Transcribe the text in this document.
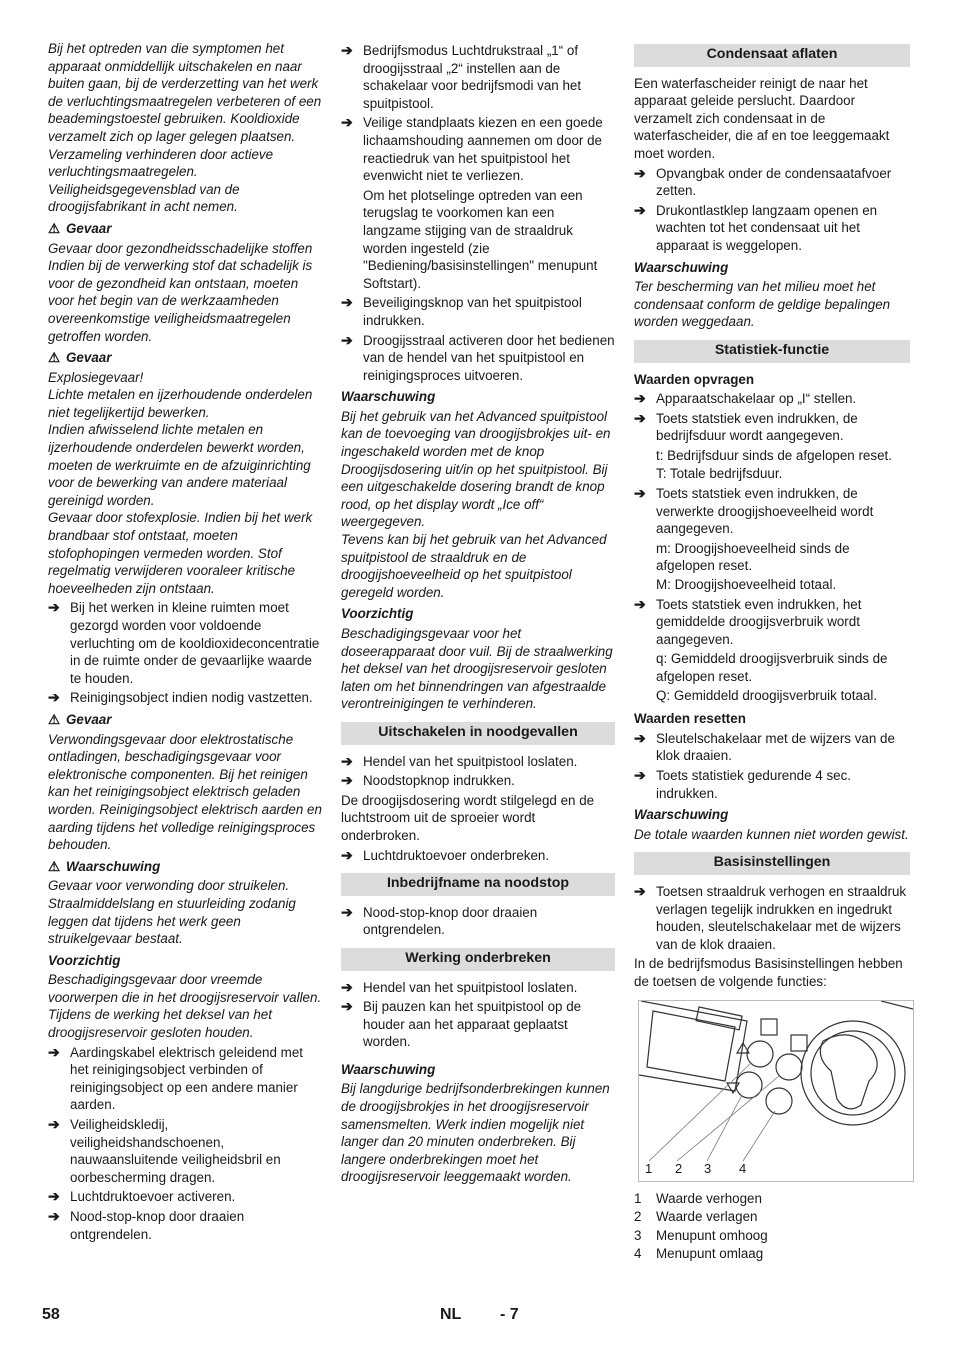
Bij het optreden van die symptomen het apparaat onmiddellijk uitschakelen en naar buiten gaan, bij de verderzetting van het werk de verluchtingsmaatregelen verbeteren of een beademingstoestel gebruiken. Kooldioxide verzamelt zich op lager gelegen plaatsen. Verzameling verhinderen door actieve verluchtingsmaatregelen. Veiligheidsgegevensblad van de droogijsfabrikant in acht nemen.

⚠ Gevaar

Gevaar door gezondheidsschadelijke stoffen Indien bij de verwerking stof dat schadelijk is voor de gezondheid kan ontstaan, moeten voor het begin van de werkzaamheden overeenkomstige veiligheidsmaatregelen getroffen worden.

⚠ Gevaar

Explosiegevaar!

Lichte metalen en ijzerhoudende onderdelen niet tegelijkertijd bewerken.

Indien afwisselend lichte metalen en ijzerhoudende onderdelen bewerkt worden, moeten de werkruimte en de afzuiginrichting voor de bewerking van andere materiaal gereinigd worden.

Gevaar door stofexplosie. Indien bij het werk brandbaar stof ontstaat, moeten stofophopingen vermeden worden. Stof regelmatig verwijderen vooraleer kritische hoeveelheden zijn ontstaan.

➔ Bij het werken in kleine ruimten moet gezorgd worden voor voldoende verluchting om de kooldioxideconcentratie in de ruimte onder de gevaarlijke waarde te houden.
➔ Reinigingsobject indien nodig vastzetten.
⚠ Gevaar

Verwondingsgevaar door elektrostatische ontladingen, beschadigingsgevaar voor elektronische componenten. Bij het reinigen kan het reinigingsobject elektrisch geladen worden. Reinigingsobject elektrisch aarden en aarding tijdens het volledige reinigingsproces behouden.

⚠ Waarschuwing

Gevaar voor verwonding door struikelen. Straalmiddelslang en stuurleiding zodanig leggen dat tijdens het werk geen struikelgevaar bestaat.

Voorzichtig

Beschadigingsgevaar door vreemde voorwerpen die in het droogijsreservoir vallen. Tijdens de werking het deksel van het droogijsreservoir gesloten houden.

➔ Aardingskabel elektrisch geleidend met het reinigingsobject verbinden of reinigingsobject op een andere manier aarden.
➔ Veiligheidskledij, veiligheidshandschoenen, nauwaansluitende veiligheidsbril en oorbescherming dragen.
➔ Luchtdruktoevoer activeren.
➔ Nood-stop-knop door draaien ontgrendelen.
➔ Bedrijfsmodus Luchtdrukstraal „1“ of droogijsstraal „2“ instellen aan de schakelaar voor bedrijfsmodi van het spuitpistool.
➔ Veilige standplaats kiezen en een goede lichaamshouding aannemen om door de reactiedruk van het spuitpistool het evenwicht niet te verliezen.

Om het plotselinge optreden van een terugslag te voorkomen kan een langzame stijging van de straaldruk worden ingesteld (zie "Bediening/basisinstellingen" menupunt Softstart).

➔ Beveiligingsknop van het spuitpistool indrukken.
➔ Droogijsstraal activeren door het bedienen van de hendel van het spuitpistool en reinigingsproces uitvoeren.
Waarschuwing

Bij het gebruik van het Advanced spuitpistool kan de toevoeging van droogijsbrokjes uit- en ingeschakeld worden met de knop Droogijsdosering uit/in op het spuitpistool. Bij een uitgeschakelde dosering brandt de knop rood, op het display wordt „Ice off“ weergegeven.

Tevens kan bij het gebruik van het Advanced spuitpistool de straaldruk en de droogijshoeveelheid op het spuitpistool geregeld worden.

Voorzichtig

Beschadigingsgevaar voor het doseerapparaat door vuil. Bij de straalwerking het deksel van het droogijsreservoir gesloten laten om het binnendringen van afgestraalde verontreinigingen te verhinderen.

Uitschakelen in noodgevallen
➔ Hendel van het spuitpistool loslaten.
➔ Noodstopknop indrukken.

De droogijsdosering wordt stilgelegd en de luchtstroom uit de sproeier wordt onderbroken.

➔ Luchtdruktoevoer onderbreken.
Inbedrijfname na noodstop
➔ Nood-stop-knop door draaien ontgrendelen.
Werking onderbreken
➔ Hendel van het spuitpistool loslaten.
➔ Bij pauzen kan het spuitpistool op de houder aan het apparaat geplaatst worden.
Waarschuwing

Bij langdurige bedrijfsonderbrekingen kunnen de droogijsbrokjes in het droogijsreservoir samensmelten. Werk indien mogelijk niet langer dan 20 minuten onderbreken. Bij langere onderbrekingen moet het droogijsreservoir leeggemaakt worden.

Condensaat aflaten

Een waterfascheider reinigt de naar het apparaat geleide perslucht. Daardoor verzamelt zich condensaat in de waterfascheider, die af en toe leeggemaakt moet worden.

➔ Opvangbak onder de condensaatafvoer zetten.
➔ Drukontlastklep langzaam openen en wachten tot het condensaat uit het apparaat is weggelopen.
Waarschuwing

Ter bescherming van het milieu moet het condensaat conform de geldige bepalingen worden weggedaan.

Statistiek-functie
Waarden opvragen
➔ Apparaatschakelaar op „I“ stellen.
➔ Toets statstiek even indrukken, de bedrijfsduur wordt aangegeven.

t: Bedrijfsduur sinds de afgelopen reset.

T: Totale bedrijfsduur.

➔ Toets statstiek even indrukken, de verwerkte droogijshoeveelheid wordt aangegeven.

m: Droogijshoeveelheid sinds de afgelopen reset.

M: Droogijshoeveelheid totaal.

➔ Toets statstiek even indrukken, het gemiddelde droogijsverbruik wordt aangegeven.

q: Gemiddeld droogijsverbruik sinds de afgelopen reset.

Q: Gemiddeld droogijsverbruik totaal.

Waarden resetten
➔ Sleutelschakelaar met de wijzers van de klok draaien.
➔ Toets statistiek gedurende 4 sec. indrukken.
Waarschuwing

De totale waarden kunnen niet worden gewist.

Basisinstellingen
➔ Toetsen straaldruk verhogen en straaldruk verlagen tegelijk indrukken en ingedrukt houden, sleutelschakelaar met de wijzers van de klok draaien.

In de bedrijfsmodus Basisinstellingen hebben de toetsen de volgende functies:

1 2 3 4
1	Waarde verhogen
2	Waarde verlagen
3	Menupunt omhoog
4	Menupunt omlaag
58	NL - 7
